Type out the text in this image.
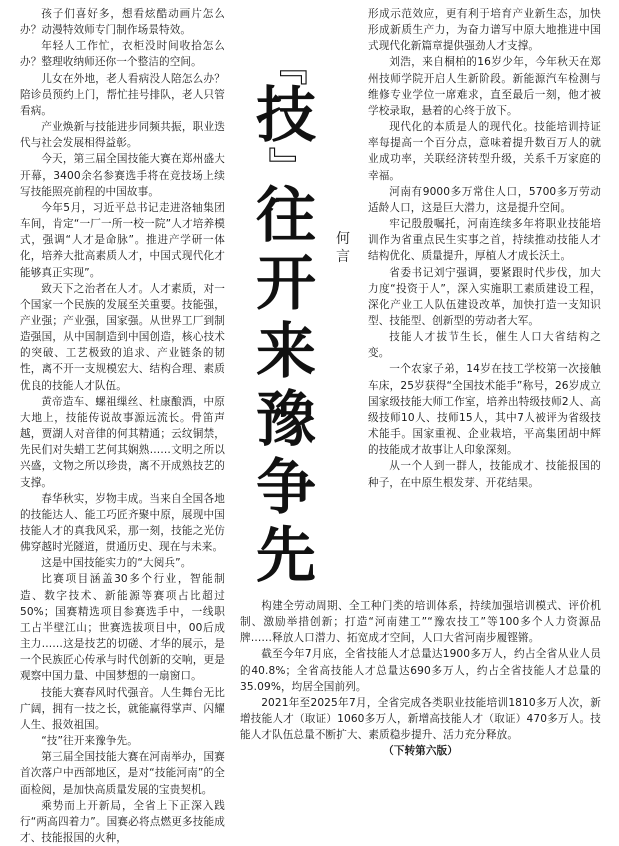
孩子们喜好多，想看炫酷动画片怎么办？动漫特效师专门制作场景特效。

年轻人工作忙，衣柜没时间收拾怎么办？整理收纳师还你一个整洁的空间。

儿女在外地，老人看病没人陪怎么办？陪诊员预约上门，帮忙挂号排队，老人只管看病。

产业焕新与技能进步同频共振，职业迭代与社会发展相得益彰。

今天，第三届全国技能大赛在郑州盛大开幕，3400余名参赛选手将在竞技场上续写技能照亮前程的中国故事。

今年5月，习近平总书记走进洛轴集团车间，肯定“一厂一所一校一院”人才培养模式，强调“人才是命脉”。推进产学研一体化，培养大批高素质人才，中国式现代化才能够真正实现”。

致天下之治者在人才。人才素质，对一个国家一个民族的发展至关重要。技能强，产业强；产业强，国家强。从世界工厂到制造强国，从中国制造到中国创造，核心技术的突破、工艺极致的追求、产业链条的韧性，离不开一支规模宏大、结构合理、素质优良的技能人才队伍。

黄帝造车、螺祖缫丝、杜康酿酒，中原大地上，技能传说故事源远流长。骨笛声越，贾湖人对音律的何其精通；云纹铜禁，先民们对失蜡工艺何其娴熟……文明之所以兴盛，文物之所以珍贵，离不开成熟技艺的支撑。

春华秋实，岁物丰成。当来自全国各地的技能达人、能工巧匠齐聚中原，展现中国技能人才的真我风采，那一刻，技能之光仿佛穿越时光隧道，贯通历史、现在与未来。

这是中国技能实力的“大阅兵”。

比赛项目涵盖30多个行业，智能制造、数字技术、新能源等赛项占比超过50%；国赛精选项目参赛选手中，一线职工占半壁江山；世赛选拔项目中，00后成主力……这是技艺的切磋、才华的展示，是一个民族匠心传承与时代创新的交响，更是观察中国力量、中国梦想的一扇窗口。

技能大赛春风时代强音。人生舞台无比广阔，拥有一技之长，就能赢得掌声、闪耀人生、报效祖国。

“技”往开来豫争先。

第三届全国技能大赛在河南举办，国赛首次落户中西部地区，是对“技能河南”的全面检阅，是加快高质量发展的宝贵契机。

乘势而上开新局，全省上下正深入践行“两高四着力”。国赛必将点燃更多技能成才、技能报国的火种，

『
技
』
往
开
来
豫
争
先
何
言

形成示范效应，更有利于培育产业新生态，加快形成新质生产力，为奋力谱写中原大地推进中国式现代化新篇章提供强劲人才支撑。

刘浩，来自桐柏的16岁少年，今年秋天在郑州技师学院开启人生新阶段。新能源汽车检测与维修专业学位一席难求，直至最后一刻，他才被学校录取，悬着的心终于放下。

现代化的本质是人的现代化。技能培训持证率每提高一个百分点，意味着提升数百万人的就业成功率，关联经济转型升级，关系千万家庭的幸福。

河南有9000多万常住人口，5700多万劳动适龄人口，这是巨大潜力，这是提升空间。

牢记殷殷嘱托，河南连续多年将职业技能培训作为省重点民生实事之首，持续推动技能人才结构优化、质量提升，厚植人才成长沃土。

省委书记刘宁强调，要紧跟时代步伐，加大力度“投资于人”，深入实施职工素质建设工程，深化产业工人队伍建设改革，加快打造一支知识型、技能型、创新型的劳动者大军。

技能人才拔节生长，催生人口大省结构之变。

一个农家子弟，14岁在技工学校第一次接触车床，25岁获得“全国技术能手”称号，26岁成立国家级技能大师工作室，培养出特级技师2人、高级技师10人、技师15人，其中7人被评为省级技术能手。国家重视、企业栽培，平高集团胡中辉的技能成才故事让人印象深刻。

从一个人到一群人，技能成才、技能报国的种子，在中原生根发芽、开花结果。

构建全劳动周期、全工种门类的培训体系，持续加强培训模式、评价机制、激励举措创新；打造“河南建工”“豫农技工”等100多个人力资源品牌……释放人口潜力、拓宽成才空间，人口大省河南步履铿锵。

截至今年7月底，全省技能人才总量达1900多万人，约占全省从业人员的40.8%；全省高技能人才总量达690多万人，约占全省技能人才总量的35.09%，均居全国前列。

2021年至2025年7月，全省完成各类职业技能培训1810多万人次，新增技能人才（取证）1060多万人，新增高技能人才（取证）470多万人。技能人才队伍总量不断扩大、素质稳步提升、活力充分释放。

（下转第六版）
